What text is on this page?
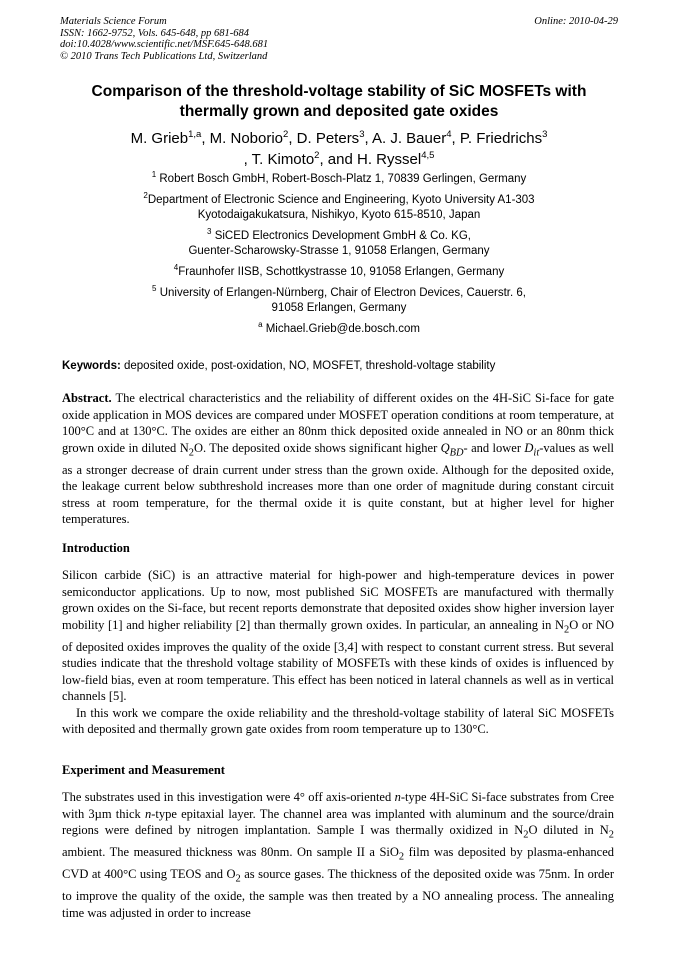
Materials Science Forum
ISSN: 1662-9752, Vols. 645-648, pp 681-684
doi:10.4028/www.scientific.net/MSF.645-648.681
© 2010 Trans Tech Publications Ltd, Switzerland
Online: 2010-04-29
Comparison of the threshold-voltage stability of SiC MOSFETs with thermally grown and deposited gate oxides
M. Grieb$^{1,a}$, M. Noborio$^2$, D. Peters$^3$, A. J. Bauer$^4$, P. Friedrichs$^3$
, T. Kimoto$^2$, and H. Ryssel$^{4,5}$
$^1$ Robert Bosch GmbH, Robert-Bosch-Platz 1, 70839 Gerlingen, Germany
$^2$Department of Electronic Science and Engineering, Kyoto University A1-303
Kyotodaigakukatsura, Nishikyo, Kyoto 615-8510, Japan
$^3$ SiCED Electronics Development GmbH & Co. KG,
Guenter-Scharowsky-Strasse 1, 91058 Erlangen, Germany
$^4$Fraunhofer IISB, Schottkystrasse 10, 91058 Erlangen, Germany
$^5$ University of Erlangen-Nürnberg, Chair of Electron Devices, Cauerstr. 6,
91058 Erlangen, Germany
$^a$ Michael.Grieb@de.bosch.com
Keywords: deposited oxide, post-oxidation, NO, MOSFET, threshold-voltage stability

Abstract. The electrical characteristics and the reliability of different oxides on the 4H-SiC Si-face for gate oxide application in MOS devices are compared under MOSFET operation conditions at room temperature, at 100°C and at 130°C. The oxides are either an 80nm thick deposited oxide annealed in NO or an 80nm thick grown oxide in diluted $N_2O$. The deposited oxide shows significant higher $Q_{BD}-$ and lower $D_{it}$-values as well as a stronger decrease of drain current under stress than the grown oxide. Although for the deposited oxide, the leakage current below subthreshold increases more than one order of magnitude during constant circuit stress at room temperature, for the thermal oxide it is quite constant, but at higher level for higher temperatures.

Introduction

Silicon carbide (SiC) is an attractive material for high-power and high-temperature devices in power semiconductor applications. Up to now, most published SiC MOSFETs are manufactured with thermally grown oxides on the Si-face, but recent reports demonstrate that deposited oxides show higher inversion layer mobility [1] and higher reliability [2] than thermally grown oxides. In particular, an annealing in $N_2O$ or NO of deposited oxides improves the quality of the oxide [3,4] with respect to constant current stress. But several studies indicate that the threshold voltage stability of MOSFETs with these kinds of oxides is influenced by low-field bias, even at room temperature. This effect has been noticed in lateral channels as well as in vertical channels [5].

In this work we compare the oxide reliability and the threshold-voltage stability of lateral SiC MOSFETs with deposited and thermally grown gate oxides from room temperature up to 130°C.

Experiment and Measurement

The substrates used in this investigation were 4° off axis-oriented n-type 4H-SiC Si-face substrates from Cree with 3µm thick n-type epitaxial layer. The channel area was implanted with aluminum and the source/drain regions were defined by nitrogen implantation. Sample I was thermally oxidized in $N_2O$ diluted in $N_2$ ambient. The measured thickness was 80nm. On sample II a SiO$_2$ film was deposited by plasma-enhanced CVD at 400°C using TEOS and $O_2$ as source gases. The thickness of the deposited oxide was 75nm. In order to improve the quality of the oxide, the sample was then treated by a NO annealing process. The annealing time was adjusted in order to increase
